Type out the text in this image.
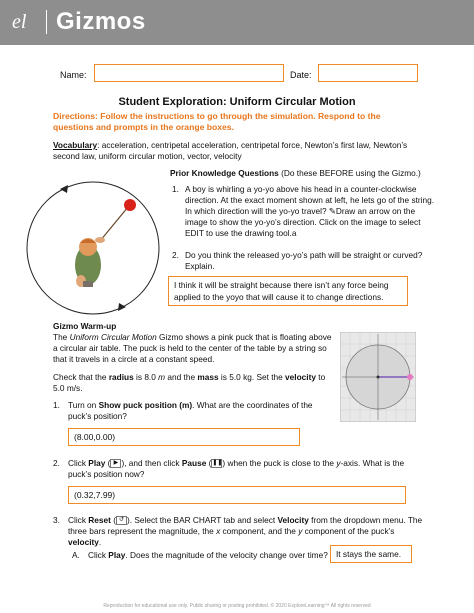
el	Gizmos
Name:	Date:
Student Exploration: Uniform Circular Motion
Directions: Follow the instructions to go through the simulation. Respond to the questions and prompts in the orange boxes.
Vocabulary: acceleration, centripetal acceleration, centripetal force, Newton’s first law, Newton’s second law, uniform circular motion, vector, velocity
Prior Knowledge Questions (Do these BEFORE using the Gizmo.)
1. A boy is whirling a yo-yo above his head in a counter-clockwise direction. At the exact moment shown at left, he lets go of the string. In which direction will the yo-yo travel? ✎Draw an arrow on the image to show the yo-yo’s direction. Click on the image to select EDIT to use the drawing tool.a
2. Do you think the released yo-yo’s path will be straight or curved? Explain.
I think it will be straight because there isn’t any force being applied to the yoyo that will cause it to change directions.
Gizmo Warm-up
The Uniform Circular Motion Gizmo shows a pink puck that is floating above a circular air table. The puck is held to the center of the table by a string so that it travels in a circle at a constant speed.
Check that the radius is 8.0 m and the mass is 5.0 kg. Set the velocity to 5.0 m/s.
1. Turn on Show puck position (m). What are the coordinates of the puck’s position?
(8.00,0.00)
2. Click Play ( ▶ ), and then click Pause (❚❚) when the puck is close to the y-axis. What is the puck’s position now?
(0.32,7.99)
3. Click Reset ( ↺ ). Select the BAR CHART tab and select Velocity from the dropdown menu. The three bars represent the magnitude, the x component, and the y component of the puck’s velocity.
A. Click Play. Does the magnitude of the velocity change over time? It stays the same.
Reproduction for educational use only. Public sharing or posting prohibited. © 2020 ExploreLearning™ All rights reserved
